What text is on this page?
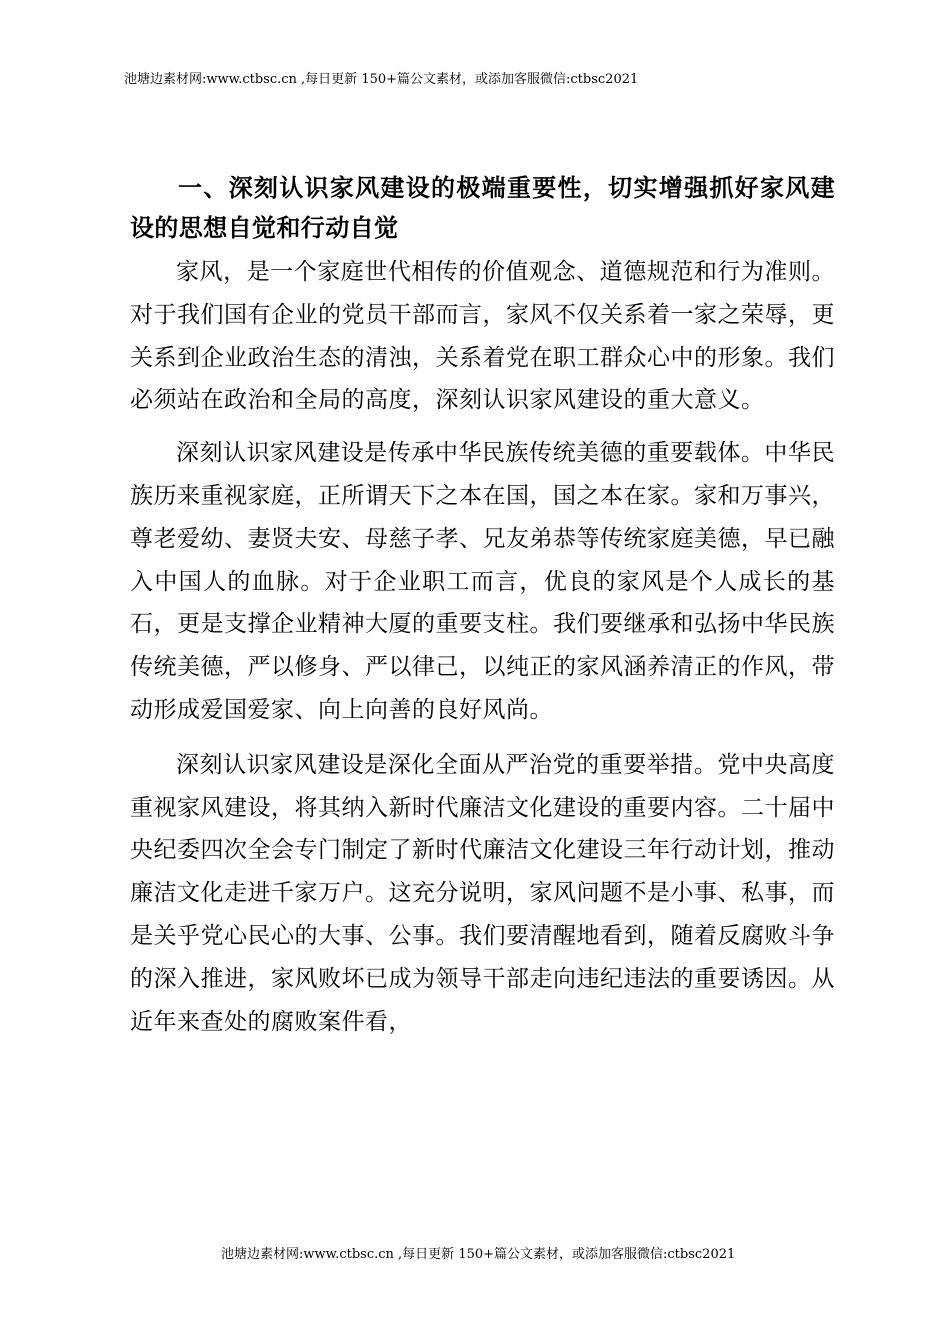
池塘边素材网:www.ctbsc.cn ,每日更新 150+篇公文素材，或添加客服微信:ctbsc2021
一、深刻认识家风建设的极端重要性，切实增强抓好家风建设的思想自觉和行动自觉

家风，是一个家庭世代相传的价值观念、道德规范和行为准则。对于我们国有企业的党员干部而言，家风不仅关系着一家之荣辱，更关系到企业政治生态的清浊，关系着党在职工群众心中的形象。我们必须站在政治和全局的高度，深刻认识家风建设的重大意义。

深刻认识家风建设是传承中华民族传统美德的重要载体。中华民族历来重视家庭，正所谓天下之本在国，国之本在家。家和万事兴，尊老爱幼、妻贤夫安、母慈子孝、兄友弟恭等传统家庭美德，早已融入中国人的血脉。对于企业职工而言，优良的家风是个人成长的基石，更是支撑企业精神大厦的重要支柱。我们要继承和弘扬中华民族传统美德，严以修身、严以律己，以纯正的家风涵养清正的作风，带动形成爱国爱家、向上向善的良好风尚。

深刻认识家风建设是深化全面从严治党的重要举措。党中央高度重视家风建设，将其纳入新时代廉洁文化建设的重要内容。二十届中央纪委四次全会专门制定了新时代廉洁文化建设三年行动计划，推动廉洁文化走进千家万户。这充分说明，家风问题不是小事、私事，而是关乎党心民心的大事、公事。我们要清醒地看到，随着反腐败斗争的深入推进，家风败坏已成为领导干部走向违纪违法的重要诱因。从近年来查处的腐败案件看，

池塘边素材网:www.ctbsc.cn ,每日更新 150+篇公文素材，或添加客服微信:ctbsc2021
